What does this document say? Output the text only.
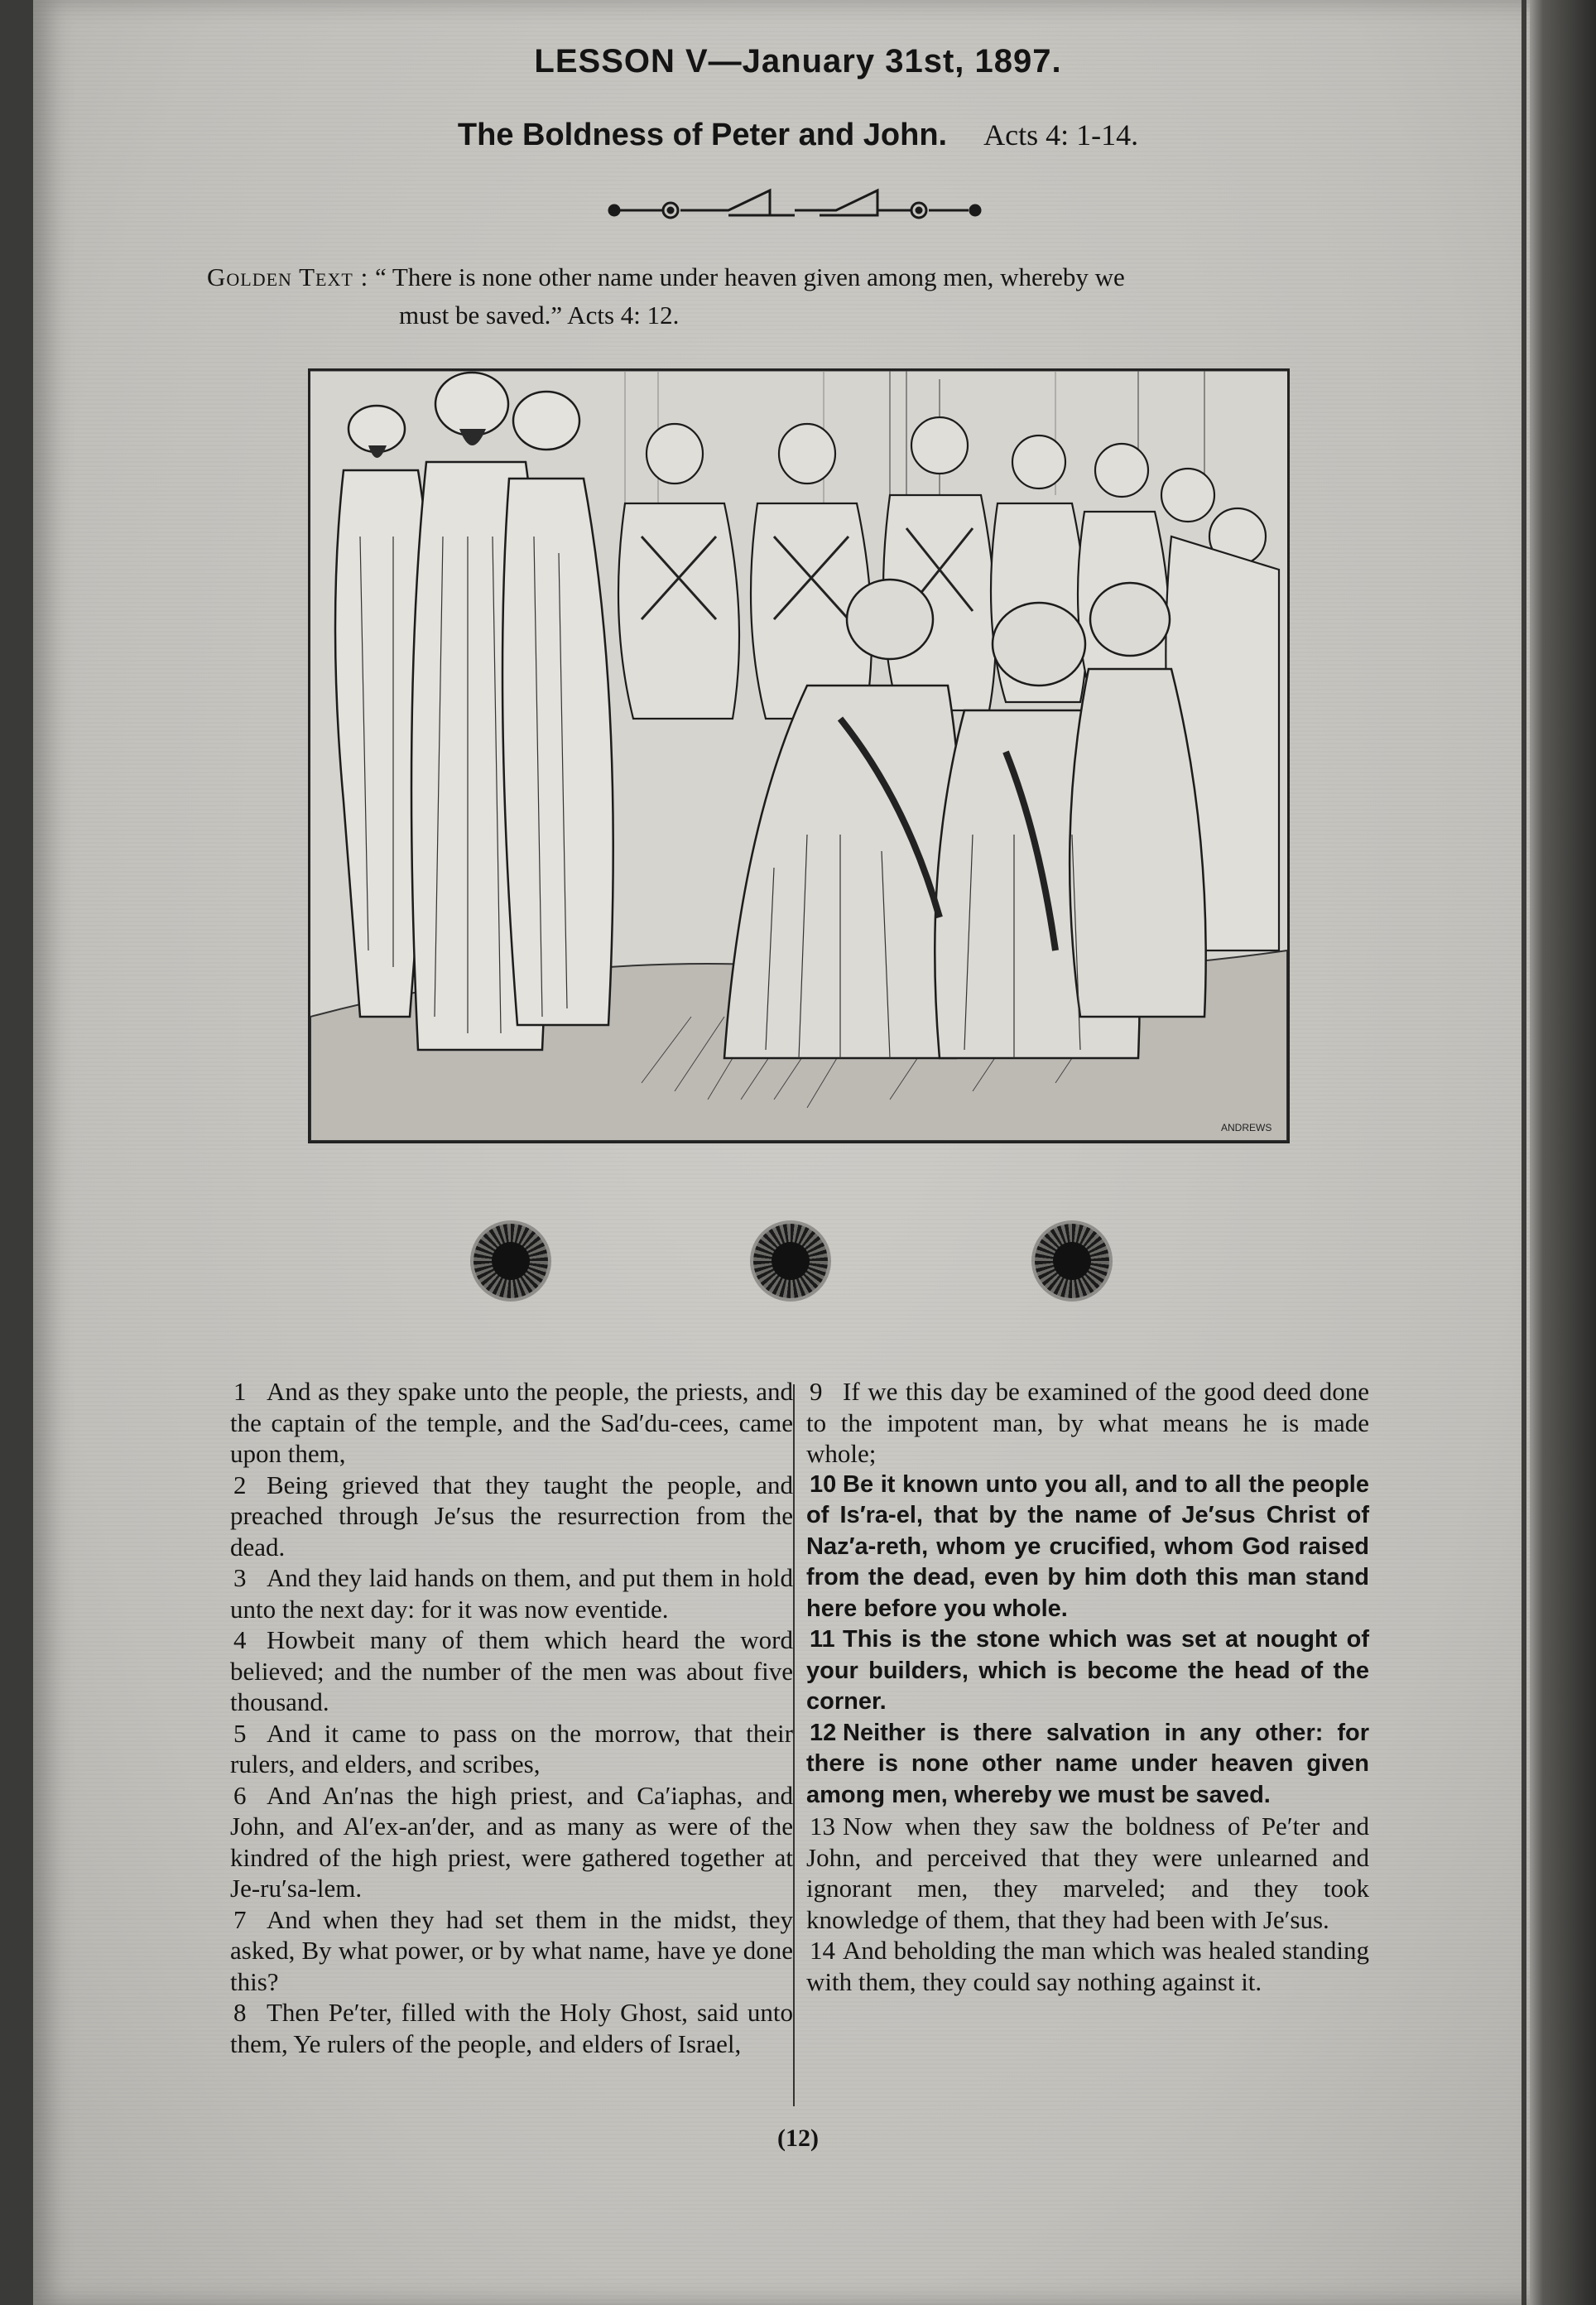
LESSON V—January 31st, 1897.
The Boldness of Peter and John. Acts 4: 1-14.
Golden Text : “ There is none other name under heaven given among men, whereby we
must be saved.” Acts 4: 12.
ANDREWS

1 And as they spake unto the people, the priests, and the captain of the temple, and the Sad′du-cees, came upon them,

2 Being grieved that they taught the people, and preached through Je′sus the resurrection from the dead.

3 And they laid hands on them, and put them in hold unto the next day: for it was now eventide.

4 Howbeit many of them which heard the word believed; and the number of the men was about five thousand.

5 And it came to pass on the morrow, that their rulers, and elders, and scribes,

6 And An′nas the high priest, and Ca′iaphas, and John, and Al′ex-an′der, and as many as were of the kindred of the high priest, were gathered together at Je-ru′sa-lem.

7 And when they had set them in the midst, they asked, By what power, or by what name, have ye done this?

8 Then Pe′ter, filled with the Holy Ghost, said unto them, Ye rulers of the people, and elders of Israel,

9 If we this day be examined of the good deed done to the impotent man, by what means he is made whole;

10 Be it known unto you all, and to all the people of Is′ra-el, that by the name of Je′sus Christ of Naz′a-reth, whom ye crucified, whom God raised from the dead, even by him doth this man stand here before you whole.

11 This is the stone which was set at nought of your builders, which is become the head of the corner.

12 Neither is there salvation in any other: for there is none other name under heaven given among men, whereby we must be saved.

13 Now when they saw the boldness of Pe′ter and John, and perceived that they were unlearned and ignorant men, they marveled; and they took knowledge of them, that they had been with Je′sus.

14 And beholding the man which was healed standing with them, they could say nothing against it.

(12)
